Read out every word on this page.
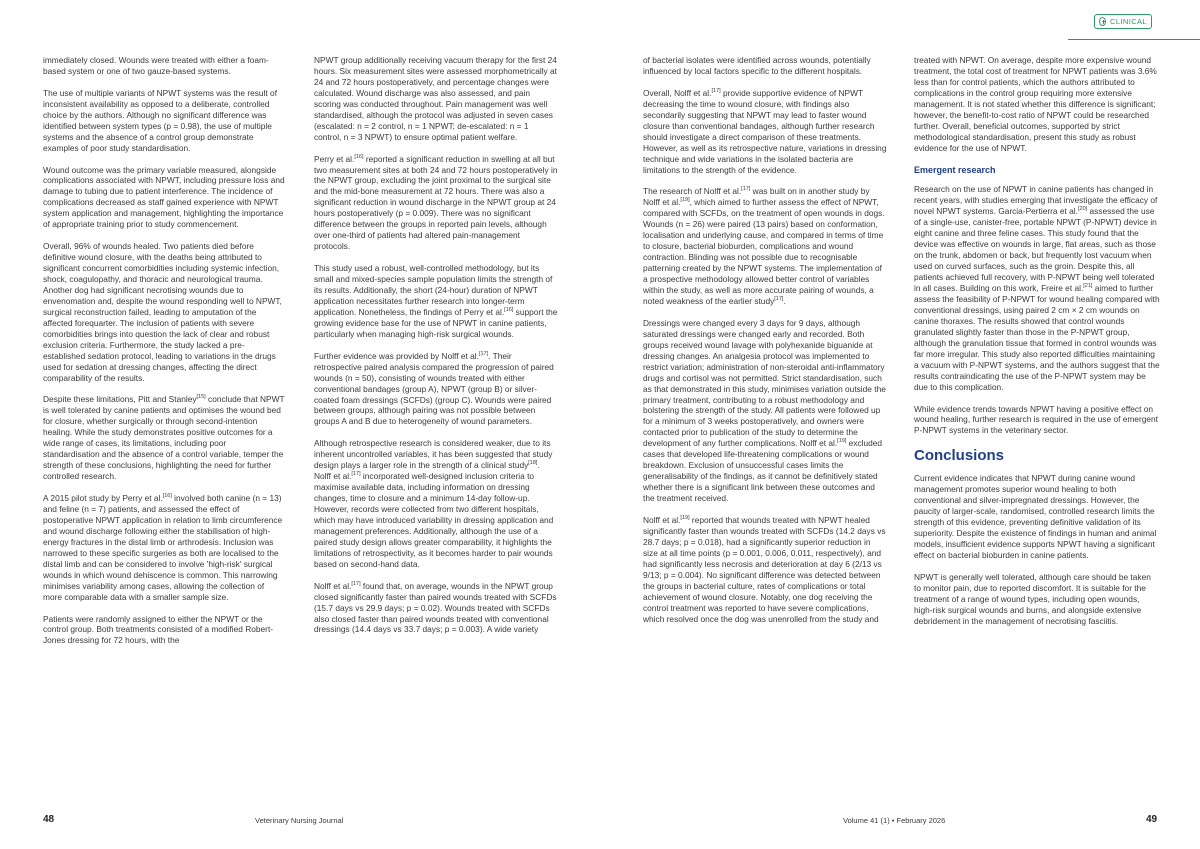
CLINICAL

immediately closed. Wounds were treated with either a foam-based system or one of two gauze-based systems.

The use of multiple variants of NPWT systems was the result of inconsistent availability as opposed to a deliberate, controlled choice by the authors. Although no significant difference was identified between system types (p = 0.98), the use of multiple systems and the absence of a control group demonstrate examples of poor study standardisation.

Wound outcome was the primary variable measured, alongside complications associated with NPWT, including pressure loss and damage to tubing due to patient interference. The incidence of complications decreased as staff gained experience with NPWT system application and management, highlighting the importance of appropriate training prior to study commencement.

Overall, 96% of wounds healed. Two patients died before definitive wound closure, with the deaths being attributed to significant concurrent comorbidities including systemic infection, shock, coagulopathy, and thoracic and neurological trauma. Another dog had significant necrotising wounds due to envenomation and, despite the wound responding well to NPWT, surgical reconstruction failed, leading to amputation of the affected forequarter. The inclusion of patients with severe comorbidities brings into question the lack of clear and robust exclusion criteria. Furthermore, the study lacked a pre-established sedation protocol, leading to variations in the drugs used for sedation at dressing changes, affecting the direct comparability of the results.

Despite these limitations, Pitt and Stanley[15] conclude that NPWT is well tolerated by canine patients and optimises the wound bed for closure, whether surgically or through second-intention healing. While the study demonstrates positive outcomes for a wide range of cases, its limitations, including poor standardisation and the absence of a control variable, temper the strength of these conclusions, highlighting the need for further controlled research.

A 2015 pilot study by Perry et al.[16] involved both canine (n = 13) and feline (n = 7) patients, and assessed the effect of postoperative NPWT application in relation to limb circumference and wound discharge following either the stabilisation of high-energy fractures in the distal limb or arthrodesis. Inclusion was narrowed to these specific surgeries as both are localised to the distal limb and can be considered to involve 'high-risk' surgical wounds in which wound dehiscence is common. This narrowing minimises variability among cases, allowing the collection of more comparable data with a smaller sample size.

Patients were randomly assigned to either the NPWT or the control group. Both treatments consisted of a modified Robert-Jones dressing for 72 hours, with the

NPWT group additionally receiving vacuum therapy for the first 24 hours. Six measurement sites were assessed morphometrically at 24 and 72 hours postoperatively, and percentage changes were calculated. Wound discharge was also assessed, and pain scoring was conducted throughout. Pain management was well standardised, although the protocol was adjusted in seven cases (escalated: n = 2 control, n = 1 NPWT; de-escalated: n = 1 control, n = 3 NPWT) to ensure optimal patient welfare.

Perry et al.[16] reported a significant reduction in swelling at all but two measurement sites at both 24 and 72 hours postoperatively in the NPWT group, excluding the joint proximal to the surgical site and the mid-bone measurement at 72 hours. There was also a significant reduction in wound discharge in the NPWT group at 24 hours postoperatively (p = 0.009). There was no significant difference between the groups in reported pain levels, although over one-third of patients had altered pain-management protocols.

This study used a robust, well-controlled methodology, but its small and mixed-species sample population limits the strength of its results. Additionally, the short (24-hour) duration of NPWT application necessitates further research into longer-term application. Nonetheless, the findings of Perry et al.[16] support the growing evidence base for the use of NPWT in canine patients, particularly when managing high-risk surgical wounds.

Further evidence was provided by Nolff et al.[17]. Their retrospective paired analysis compared the progression of paired wounds (n = 50), consisting of wounds treated with either conventional bandages (group A), NPWT (group B) or silver-coated foam dressings (SCFDs) (group C). Wounds were paired between groups, although pairing was not possible between groups A and B due to heterogeneity of wound parameters.

Although retrospective research is considered weaker, due to its inherent uncontrolled variables, it has been suggested that study design plays a larger role in the strength of a clinical study[18]. Nolff et al.[17] incorporated well-designed inclusion criteria to maximise available data, including information on dressing changes, time to closure and a minimum 14-day follow-up. However, records were collected from two different hospitals, which may have introduced variability in dressing application and management preferences. Additionally, although the use of a paired study design allows greater comparability, it highlights the limitations of retrospectivity, as it becomes harder to pair wounds based on second-hand data.

Nolff et al.[17] found that, on average, wounds in the NPWT group closed significantly faster than paired wounds treated with SCFDs (15.7 days vs 29.9 days; p = 0.02). Wounds treated with SCFDs also closed faster than paired wounds treated with conventional dressings (14.4 days vs 33.7 days; p = 0.003). A wide variety

of bacterial isolates were identified across wounds, potentially influenced by local factors specific to the different hospitals.

Overall, Nolff et al.[17] provide supportive evidence of NPWT decreasing the time to wound closure, with findings also secondarily suggesting that NPWT may lead to faster wound closure than conventional bandages, although further research should investigate a direct comparison of these treatments. However, as well as its retrospective nature, variations in dressing technique and wide variations in the isolated bacteria are limitations to the strength of the evidence.

The research of Nolff et al.[17] was built on in another study by Nolff et al.[19], which aimed to further assess the effect of NPWT, compared with SCFDs, on the treatment of open wounds in dogs. Wounds (n = 26) were paired (13 pairs) based on conformation, localisation and underlying cause, and compared in terms of time to closure, bacterial bioburden, complications and wound contraction. Blinding was not possible due to recognisable patterning created by the NPWT systems. The implementation of a prospective methodology allowed better control of variables within the study, as well as more accurate pairing of wounds, a noted weakness of the earlier study[17].

Dressings were changed every 3 days for 9 days, although saturated dressings were changed early and recorded. Both groups received wound lavage with polyhexanide biguanide at dressing changes. An analgesia protocol was implemented to restrict variation; administration of non-steroidal anti-inflammatory drugs and cortisol was not permitted. Strict standardisation, such as that demonstrated in this study, minimises variation outside the primary treatment, contributing to a robust methodology and bolstering the strength of the study. All patients were followed up for a minimum of 3 weeks postoperatively, and owners were contacted prior to publication of the study to determine the development of any further complications. Nolff et al.[19] excluded cases that developed life-threatening complications or wound breakdown. Exclusion of unsuccessful cases limits the generalisability of the findings, as it cannot be definitively stated whether there is a significant link between these outcomes and the treatment received.

Nolff et al.[19] reported that wounds treated with NPWT healed significantly faster than wounds treated with SCFDs (14.2 days vs 28.7 days; p = 0.018), had a significantly superior reduction in size at all time points (p = 0.001, 0.006, 0.011, respectively), and had significantly less necrosis and deterioration at day 6 (2/13 vs 9/13; p = 0.004). No significant difference was detected between the groups in bacterial culture, rates of complications or total achievement of wound closure. Notably, one dog receiving the control treatment was reported to have severe complications, which resolved once the dog was unenrolled from the study and

treated with NPWT. On average, despite more expensive wound treatment, the total cost of treatment for NPWT patients was 3.6% less than for control patients, which the authors attributed to complications in the control group requiring more extensive management. It is not stated whether this difference is significant; however, the benefit-to-cost ratio of NPWT could be researched further. Overall, beneficial outcomes, supported by strict methodological standardisation, present this study as robust evidence for the use of NPWT.

Emergent research

Research on the use of NPWT in canine patients has changed in recent years, with studies emerging that investigate the efficacy of novel NPWT systems. Garcia-Pertierra et al.[20] assessed the use of a single-use, canister-free, portable NPWT (P-NPWT) device in eight canine and three feline cases. This study found that the device was effective on wounds in large, flat areas, such as those on the trunk, abdomen or back, but frequently lost vacuum when used on curved surfaces, such as the groin. Despite this, all patients achieved full recovery, with P-NPWT being well tolerated in all cases. Building on this work, Freire et al.[21] aimed to further assess the feasibility of P-NPWT for wound healing compared with conventional dressings, using paired 2 cm × 2 cm wounds on canine thoraxes. The results showed that control wounds granulated slightly faster than those in the P-NPWT group, although the granulation tissue that formed in control wounds was far more irregular. This study also reported difficulties maintaining a vacuum with P-NPWT systems, and the authors suggest that the results contraindicating the use of the P-NPWT system may be due to this complication.

While evidence trends towards NPWT having a positive effect on wound healing, further research is required in the use of emergent P-NPWT systems in the veterinary sector.

Conclusions

Current evidence indicates that NPWT during canine wound management promotes superior wound healing to both conventional and silver-impregnated dressings. However, the paucity of larger-scale, randomised, controlled research limits the strength of this evidence, preventing definitive validation of its superiority. Despite the existence of findings in human and animal models, insufficient evidence supports NPWT having a significant effect on bacterial bioburden in canine patients.

NPWT is generally well tolerated, although care should be taken to monitor pain, due to reported discomfort. It is suitable for the treatment of a range of wound types, including open wounds, high-risk surgical wounds and burns, and alongside extensive debridement in the management of necrotising fasciitis.

48	Veterinary Nursing Journal	Volume 41 (1) • February 2026	49
